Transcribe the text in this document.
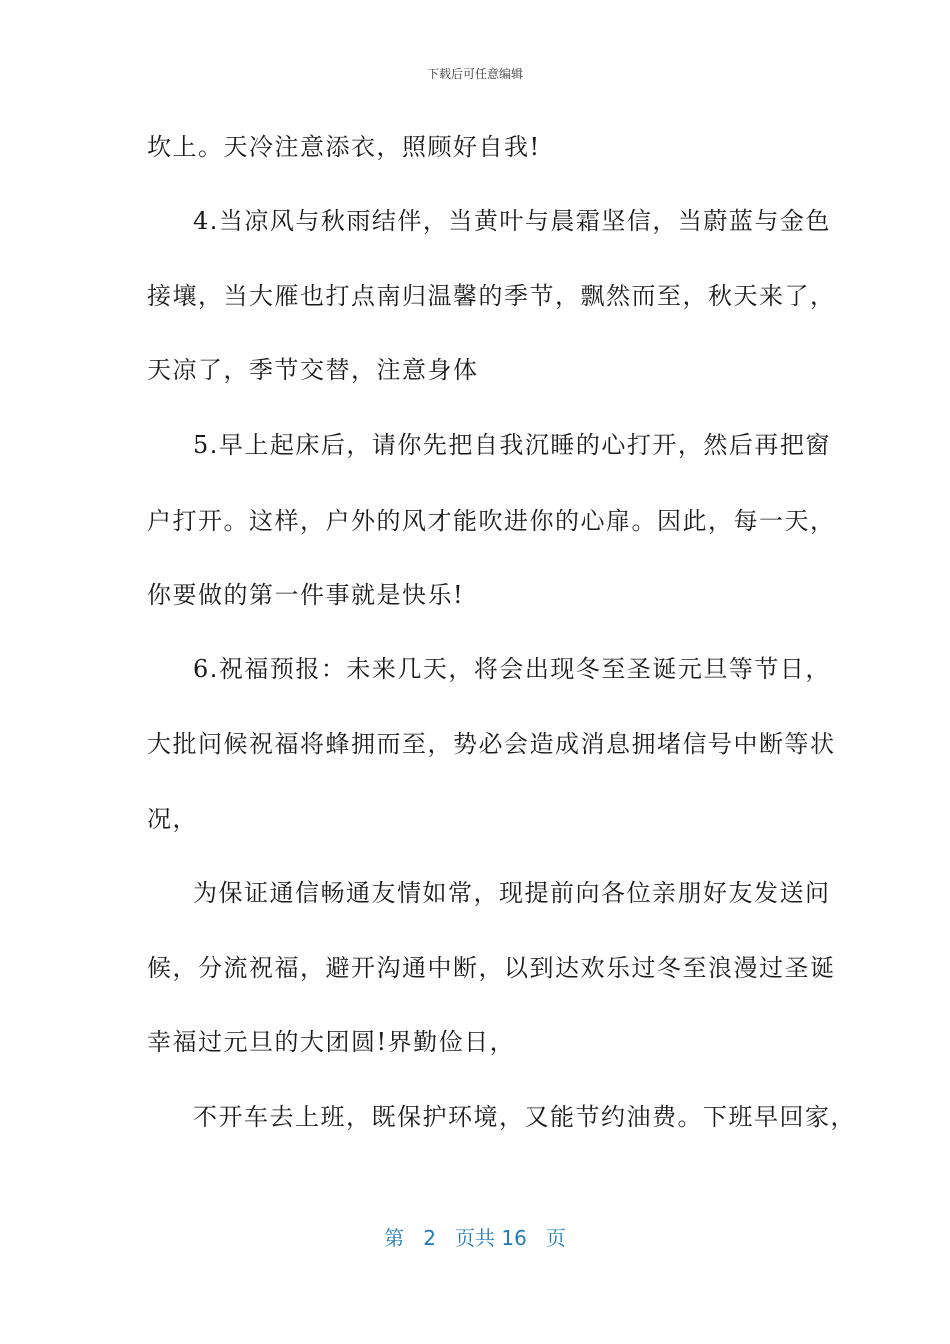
下载后可任意编辑
坎上。天冷注意添衣，照顾好自我!
4.当凉风与秋雨结伴，当黄叶与晨霜坚信，当蔚蓝与金色
接壤，当大雁也打点南归温馨的季节，飘然而至，秋天来了，
天凉了，季节交替，注意身体
5.早上起床后，请你先把自我沉睡的心打开，然后再把窗
户打开。这样，户外的风才能吹进你的心扉。因此，每一天，
你要做的第一件事就是快乐!
6.祝福预报：未来几天，将会出现冬至圣诞元旦等节日，
大批问候祝福将蜂拥而至，势必会造成消息拥堵信号中断等状
况，
为保证通信畅通友情如常，现提前向各位亲朋好友发送问
候，分流祝福，避开沟通中断，以到达欢乐过冬至浪漫过圣诞
幸福过元旦的大团圆!界勤俭日，
不开车去上班，既保护环境，又能节约油费。下班早回家，
第 2 页共 16 页
